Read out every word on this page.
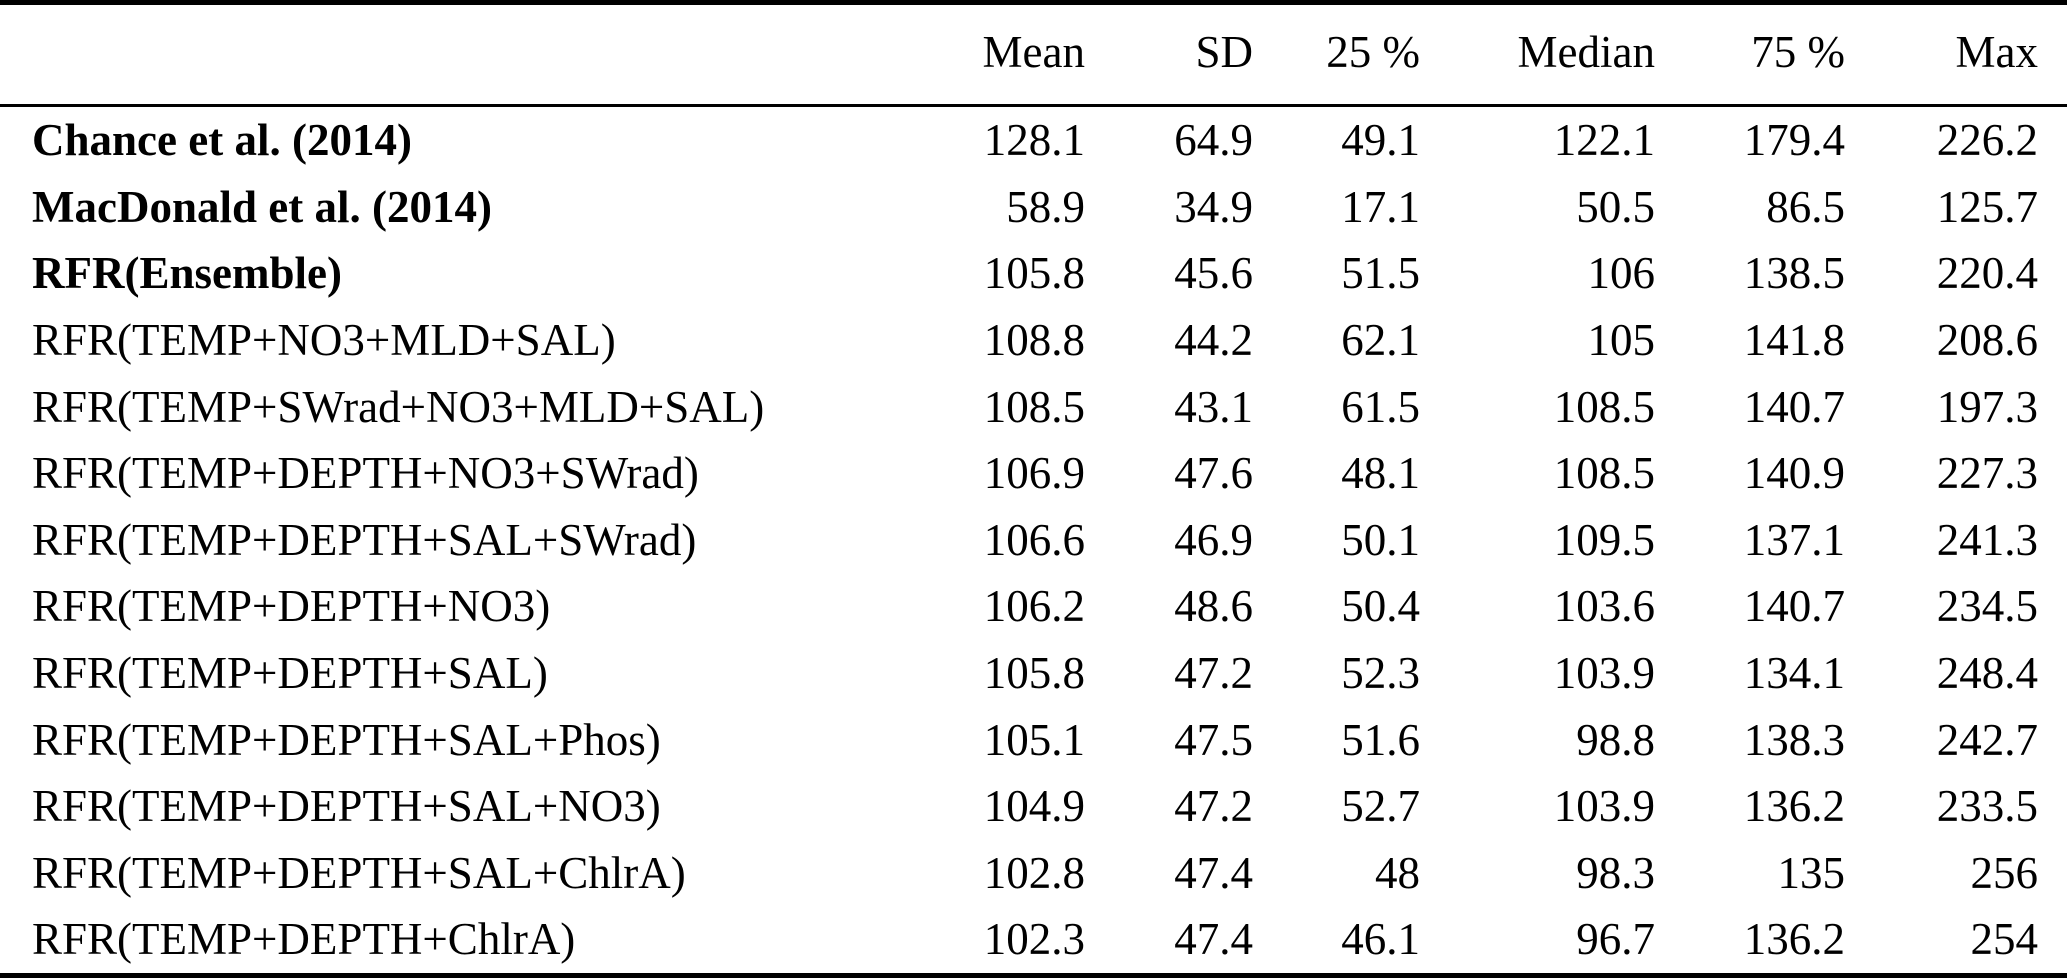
	Mean	SD	25 %	Median	75 %	Max
Chance et al. (2014)	128.1	64.9	49.1	122.1	179.4	226.2
MacDonald et al. (2014)	58.9	34.9	17.1	50.5	86.5	125.7
RFR(Ensemble)	105.8	45.6	51.5	106	138.5	220.4
RFR(TEMP+NO3+MLD+SAL)	108.8	44.2	62.1	105	141.8	208.6
RFR(TEMP+SWrad+NO3+MLD+SAL)	108.5	43.1	61.5	108.5	140.7	197.3
RFR(TEMP+DEPTH+NO3+SWrad)	106.9	47.6	48.1	108.5	140.9	227.3
RFR(TEMP+DEPTH+SAL+SWrad)	106.6	46.9	50.1	109.5	137.1	241.3
RFR(TEMP+DEPTH+NO3)	106.2	48.6	50.4	103.6	140.7	234.5
RFR(TEMP+DEPTH+SAL)	105.8	47.2	52.3	103.9	134.1	248.4
RFR(TEMP+DEPTH+SAL+Phos)	105.1	47.5	51.6	98.8	138.3	242.7
RFR(TEMP+DEPTH+SAL+NO3)	104.9	47.2	52.7	103.9	136.2	233.5
RFR(TEMP+DEPTH+SAL+ChlrA)	102.8	47.4	48	98.3	135	256
RFR(TEMP+DEPTH+ChlrA)	102.3	47.4	46.1	96.7	136.2	254
